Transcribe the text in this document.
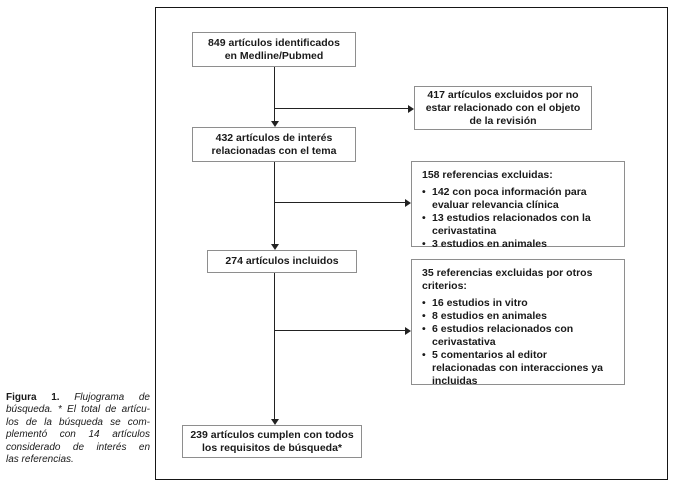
Figura 1. Flujograma de
búsqueda. * El total de artícu-
los de la búsqueda se com-
plementó con 14 artículos
considerado de interés en
las referencias.
849 artículos identificados
en Medline/Pubmed
417 artículos excluidos por no
estar relacionado con el objeto
de la revisión
432 artículos de interés
relacionadas con el tema
158 referencias excluidas:
•
142 con poca información para
evaluar relevancia clínica
•
13 estudios relacionados con la
cerivastatina
•
3 estudios en animales
274 artículos incluidos
35 referencias excluidas por otros
criterios:
•
16 estudios in vitro
•
8 estudios en animales
•
6 estudios relacionados con
cerivastativa
•
5 comentarios al editor
relacionadas con interacciones ya
incluidas
239 artículos cumplen con todos
los requisitos de búsqueda*
